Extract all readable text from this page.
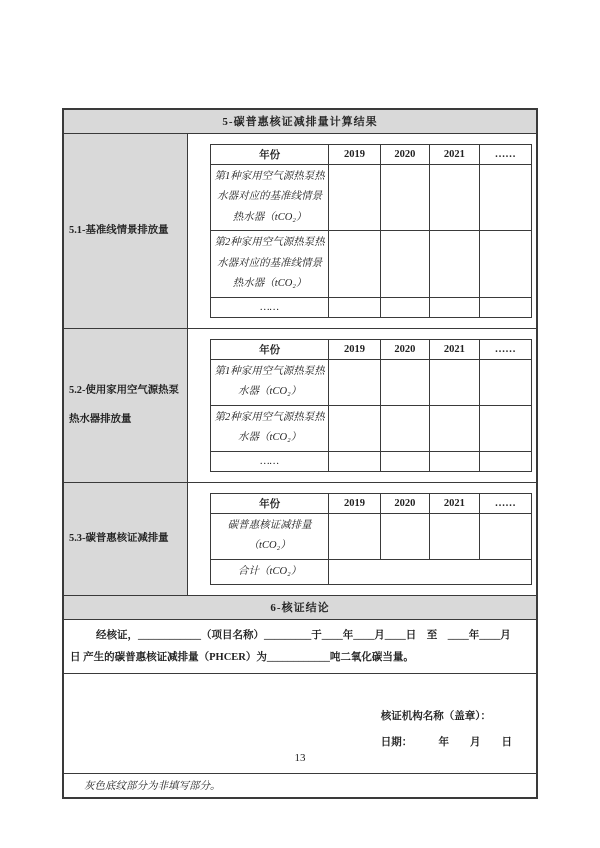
5-碳普惠核证减排量计算结果
5.1-基准线情景排放量
年份	2019	2020	2021	……
第1种家用空气源热泵热水器对应的基准线情景热水器（tCO₂）				
第2种家用空气源热泵热水器对应的基准线情景热水器（tCO₂）				
……				
5.2-使用家用空气源热泵热水器排放量
年份	2019	2020	2021	……
第1种家用空气源热泵热水器（tCO₂）				
第2种家用空气源热泵热水器（tCO₂）				
……				
5.3-碳普惠核证减排量
年份	2019	2020	2021	……
碳普惠核证减排量（tCO₂）				
合计（tCO₂）				
6-核证结论
经核证，____________（项目名称）_________于____年____月____日　至　____年____月
日 产生的碳普惠核证减排量（PHCER）为____________吨二氧化碳当量。
核证机构名称（盖章）：
日期：　　　年　　月　　日
灰色底纹部分为非填写部分。
13
